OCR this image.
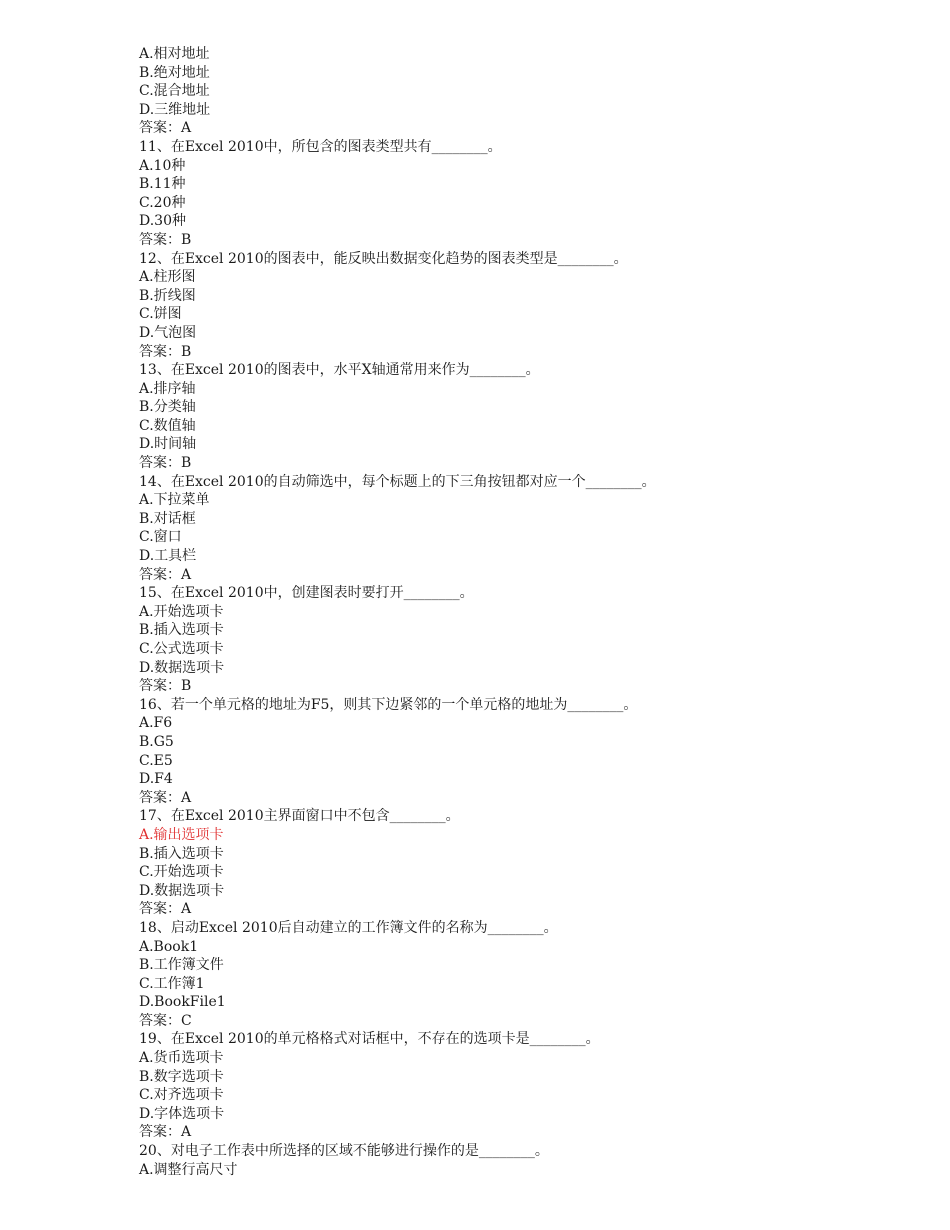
A.相对地址
B.绝对地址
C.混合地址
D.三维地址
答案：A
11、在Excel 2010中，所包含的图表类型共有________。
A.10种
B.11种
C.20种
D.30种
答案：B
12、在Excel 2010的图表中，能反映出数据变化趋势的图表类型是________。
A.柱形图
B.折线图
C.饼图
D.气泡图
答案：B
13、在Excel 2010的图表中，水平X轴通常用来作为________。
A.排序轴
B.分类轴
C.数值轴
D.时间轴
答案：B
14、在Excel 2010的自动筛选中，每个标题上的下三角按钮都对应一个________。
A.下拉菜单
B.对话框
C.窗口
D.工具栏
答案：A
15、在Excel 2010中，创建图表时要打开________。
A.开始选项卡
B.插入选项卡
C.公式选项卡
D.数据选项卡
答案：B
16、若一个单元格的地址为F5，则其下边紧邻的一个单元格的地址为________。
A.F6
B.G5
C.E5
D.F4
答案：A
17、在Excel 2010主界面窗口中不包含________。
A.输出选项卡
B.插入选项卡
C.开始选项卡
D.数据选项卡
答案：A
18、启动Excel 2010后自动建立的工作簿文件的名称为________。
A.Book1
B.工作簿文件
C.工作簿1
D.BookFile1
答案：C
19、在Excel 2010的单元格格式对话框中，不存在的选项卡是________。
A.货币选项卡
B.数字选项卡
C.对齐选项卡
D.字体选项卡
答案：A
20、对电子工作表中所选择的区域不能够进行操作的是________。
A.调整行高尺寸
